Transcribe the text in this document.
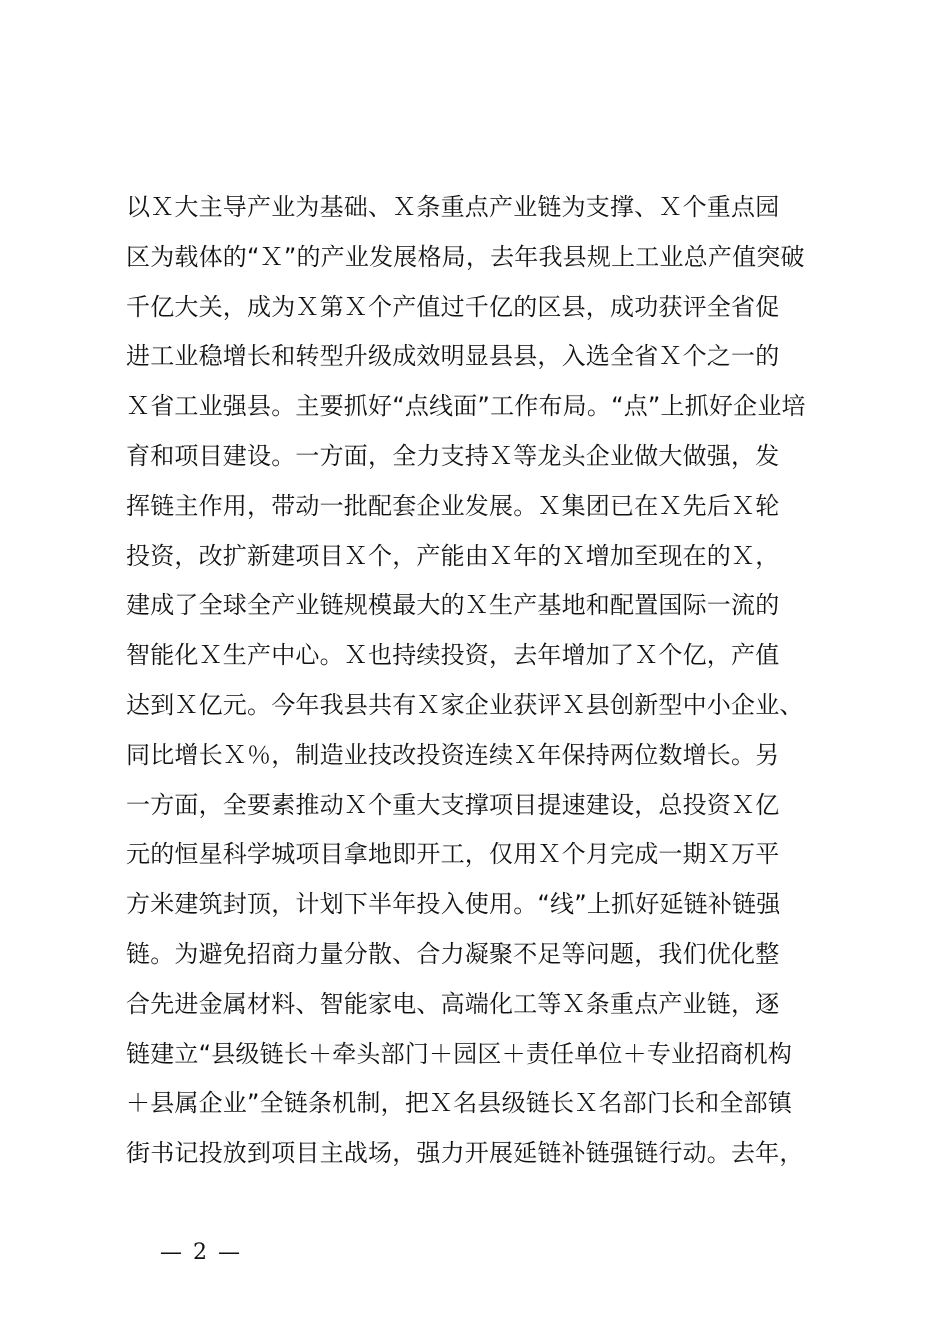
以Ｘ大主导产业为基础、Ｘ条重点产业链为支撑、Ｘ个重点园
区为载体的“Ｘ”的产业发展格局，去年我县规上工业总产值突破
千亿大关，成为Ｘ第Ｘ个产值过千亿的区县，成功获评全省促
进工业稳增长和转型升级成效明显县县，入选全省Ｘ个之一的
Ｘ省工业强县。主要抓好“点线面”工作布局。“点”上抓好企业培
育和项目建设。一方面，全力支持Ｘ等龙头企业做大做强，发
挥链主作用，带动一批配套企业发展。Ｘ集团已在Ｘ先后Ｘ轮
投资，改扩新建项目Ｘ个，产能由Ｘ年的Ｘ增加至现在的Ｘ，
建成了全球全产业链规模最大的Ｘ生产基地和配置国际一流的
智能化Ｘ生产中心。Ｘ也持续投资，去年增加了Ｘ个亿，产值
达到Ｘ亿元。今年我县共有Ｘ家企业获评Ｘ县创新型中小企业、
同比增长Ｘ％，制造业技改投资连续Ｘ年保持两位数增长。另
一方面，全要素推动Ｘ个重大支撑项目提速建设，总投资Ｘ亿
元的恒星科学城项目拿地即开工，仅用Ｘ个月完成一期Ｘ万平
方米建筑封顶，计划下半年投入使用。“线”上抓好延链补链强
链。为避免招商力量分散、合力凝聚不足等问题，我们优化整
合先进金属材料、智能家电、高端化工等Ｘ条重点产业链，逐
链建立“县级链长＋牵头部门＋园区＋责任单位＋专业招商机构
＋县属企业”全链条机制，把Ｘ名县级链长Ｘ名部门长和全部镇
街书记投放到项目主战场，强力开展延链补链强链行动。去年，
— 2 —
